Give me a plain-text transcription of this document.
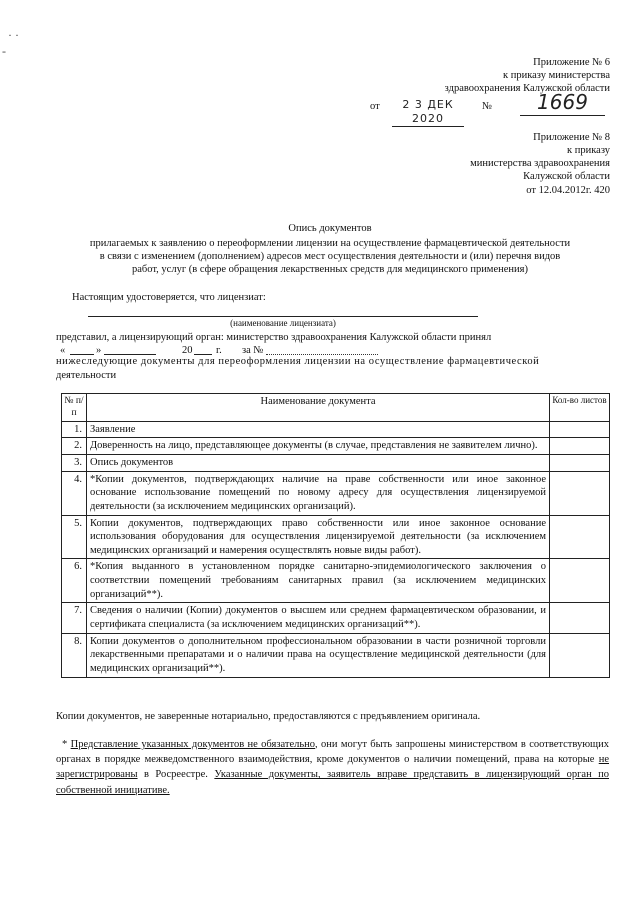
· ·
-
Приложение № 6
к приказу министерства
здравоохранения Калужской области
от	2 3 ДЕК 2020
№	1669
Приложение № 8
к приказу
министерства здравоохранения
Калужской области
от 12.04.2012г. 420
Опись документов
прилагаемых к заявлению о переоформлении лицензии на осуществление фармацевтической деятельности
в связи с изменением (дополнением) адресов мест осуществления деятельности и (или) перечня видов
работ, услуг (в сфере обращения лекарственных средств для медицинского применения)
Настоящим удостоверяется, что лицензиат:
(наименование лицензиата)
представил, а лицензирующий орган: министерство здравоохранения Калужской области принял
«	»	20 г. за №
нижеследующие документы для переоформления лицензии на осуществление фармацевтической
деятельности
№ п/п	Наименование документа	Кол-во листов
1.	Заявление	
2.	Доверенность на лицо, представляющее документы (в случае, представления не заявителем лично).	
3.	Опись документов	
4.	*Копии документов, подтверждающих наличие на праве собственности или иное законное основание использование помещений по новому адресу для осуществления лицензируемой деятельности (за исключением медицинских организаций).	
5.	Копии документов, подтверждающих право собственности или иное законное основание использования оборудования для осуществления лицензируемой деятельности (за исключением медицинских организаций и намерения осуществлять новые виды работ).	
6.	*Копия выданного в установленном порядке санитарно-эпидемиологического заключения о соответствии помещений требованиям санитарных правил (за исключением медицинских организаций**).	
7.	Сведения о наличии (Копии) документов о высшем или среднем фармацевтическом образовании, и сертификата специалиста (за исключением медицинских организаций**).	
8.	Копии документов о дополнительном профессиональном образовании в части розничной торговли лекарственными препаратами и о наличии права на осуществление медицинской деятельности (для медицинских организаций**).	
Копии документов, не заверенные нотариально, предоставляются с предъявлением оригинала.
* Представление указанных документов не обязательно, они могут быть запрошены министерством в соответствующих органах в порядке межведомственного взаимодействия, кроме документов о наличии помещений, права на которые не зарегистрированы в Росреестре. Указанные документы, заявитель вправе представить в лицензирующий орган по собственной инициативе.
